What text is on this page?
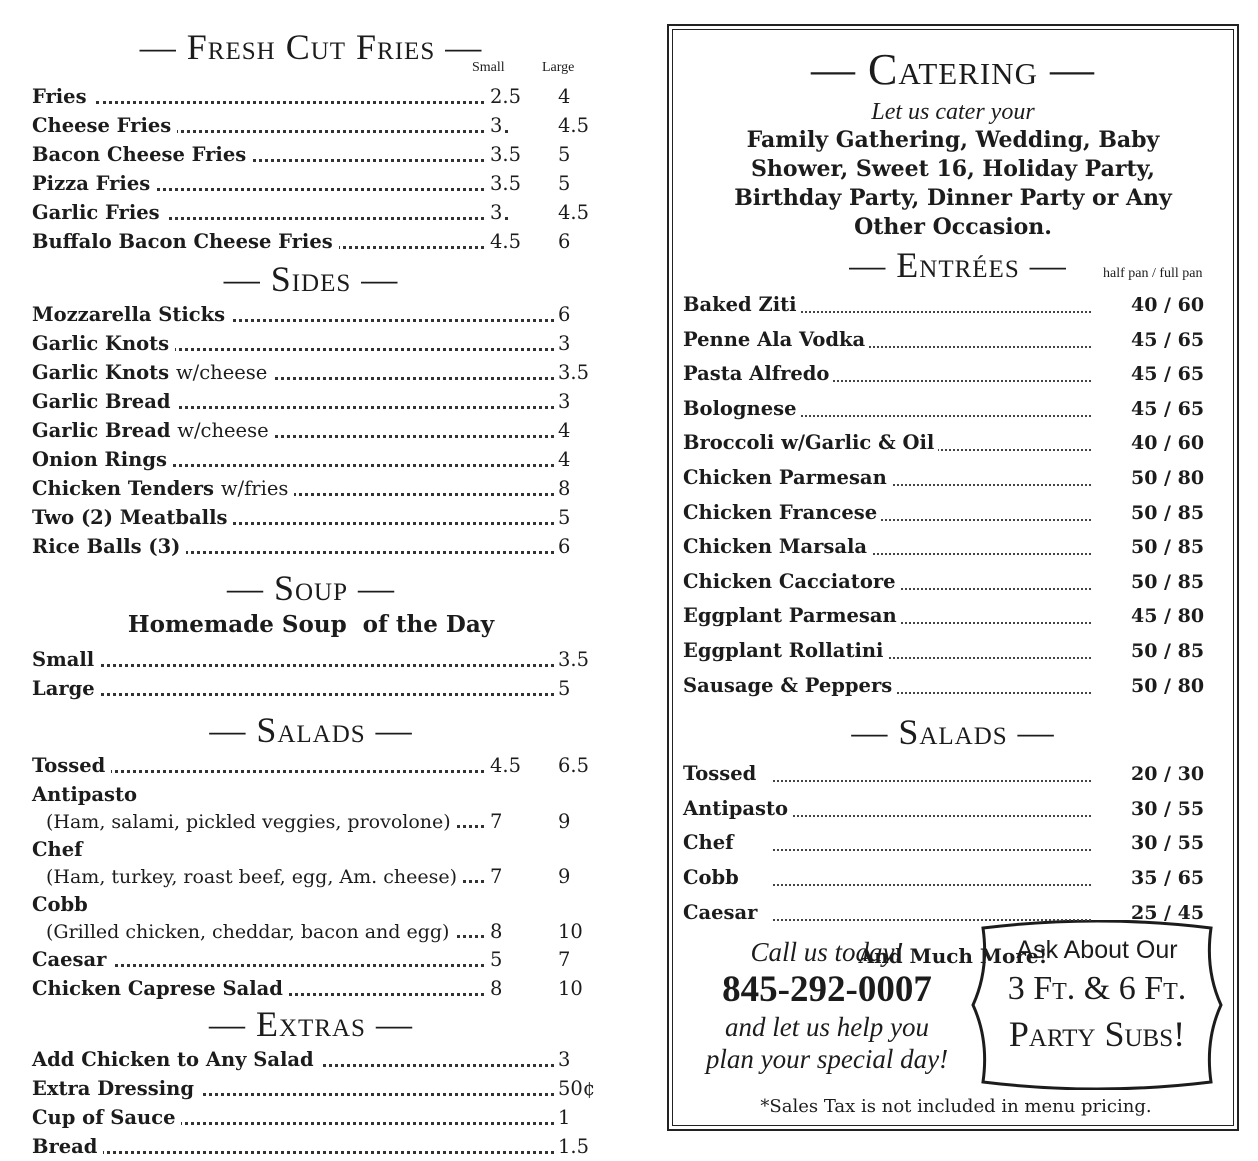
— Fresh Cut Fries —
Small	Large
Fries	2.5 4
Cheese Fries	3	4.5
Bacon Cheese Fries	3.5 5
Pizza Fries	3.5 5
Garlic Fries	3	4.5
Buffalo Bacon Cheese Fries	4.5 6
— Sides —
Mozzarella Sticks	6
Garlic Knots	3
Garlic Knots w/cheese	3.5
Garlic Bread	3
Garlic Bread w/cheese	4
Onion Rings	4
Chicken Tenders w/fries	8
Two (2) Meatballs	5
Rice Balls (3)	6
— Soup —
Homemade Soup  of the Day
Small	3.5
Large	5
— Salads —
Tossed	4.5 6.5
Antipasto
(Ham, salami, pickled veggies, provolone)	7	9
Chef
(Ham, turkey, roast beef, egg, Am. cheese)	7	9
Cobb
(Grilled chicken, cheddar, bacon and egg)	8	10
Caesar	5	7
Chicken Caprese Salad	8	10
— Extras —
Add Chicken to Any Salad	3
Extra Dressing	50¢
Cup of Sauce	1
Bread	1.5
— Catering —
Let us cater your
Family Gathering, Wedding, Baby Shower, Sweet 16, Holiday Party, Birthday Party, Dinner Party or Any Other Occasion.
— Entrées —	half pan / full pan
Baked Ziti	40 / 60
Penne Ala Vodka	45 / 65
Pasta Alfredo	45 / 65
Bolognese	45 / 65
Broccoli w/Garlic & Oil	40 / 60
Chicken Parmesan	50 / 80
Chicken Francese	50 / 85
Chicken Marsala	50 / 85
Chicken Cacciatore	50 / 85
Eggplant Parmesan	45 / 80
Eggplant Rollatini	50 / 85
Sausage & Peppers	50 / 80
— Salads —
Tossed	20 / 30
Antipasto	30 / 55
Chef	30 / 55
Cobb	35 / 65
Caesar	25 / 45
And Much More!
Call us today!
845-292-0007
and let us help you
plan your special day!
Ask About Our
3 Ft. & 6 Ft.
Party Subs!
*Sales Tax is not included in menu pricing.
